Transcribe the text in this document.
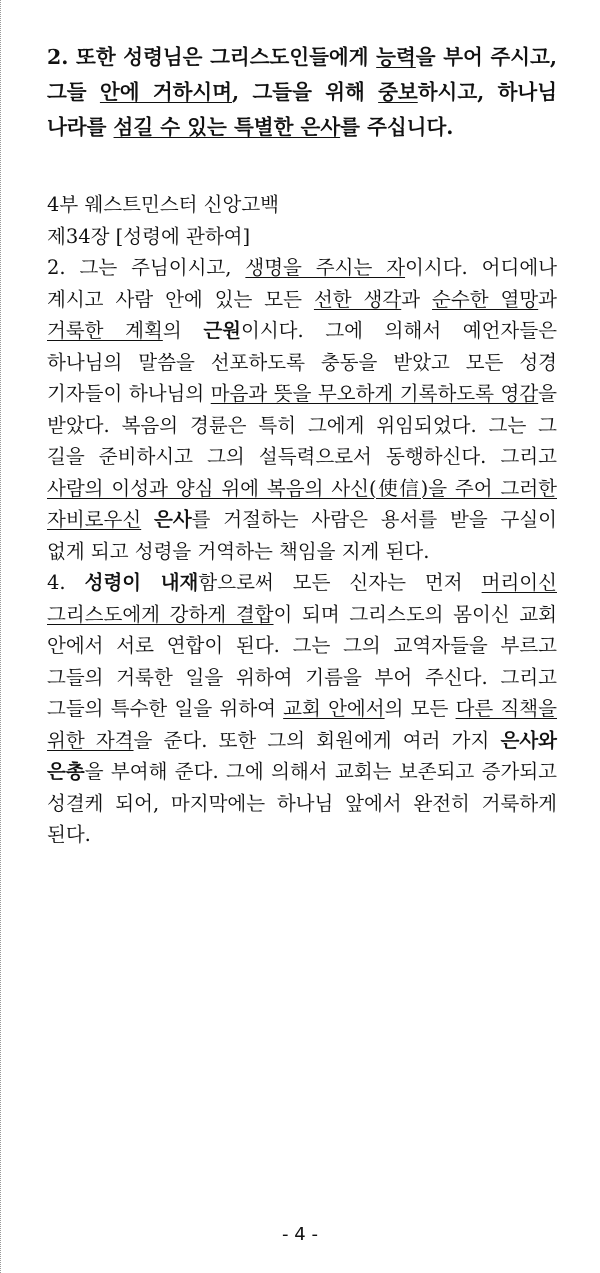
2. 또한 성령님은 그리스도인들에게 능력을 부어 주시고, 그들 안에 거하시며, 그들을 위해 중보하시고, 하나님 나라를 섬길 수 있는 특별한 은사를 주십니다.

4부 웨스트민스터 신앙고백
제34장 [성령에 관하여]

2. 그는 주님이시고, 생명을 주시는 자이시다. 어디에나 계시고 사람 안에 있는 모든 선한 생각과 순수한 열망과 거룩한 계획의 근원이시다. 그에 의해서 예언자들은 하나님의 말씀을 선포하도록 충동을 받았고 모든 성경 기자들이 하나님의 마음과 뜻을 무오하게 기록하도록 영감을 받았다. 복음의 경륜은 특히 그에게 위임되었다. 그는 그 길을 준비하시고 그의 설득력으로서 동행하신다. 그리고 사람의 이성과 양심 위에 복음의 사신(使信)을 주어 그러한 자비로우신 은사를 거절하는 사람은 용서를 받을 구실이 없게 되고 성령을 거역하는 책임을 지게 된다.

4. 성령이 내재함으로써 모든 신자는 먼저 머리이신 그리스도에게 강하게 결합이 되며 그리스도의 몸이신 교회 안에서 서로 연합이 된다. 그는 그의 교역자들을 부르고 그들의 거룩한 일을 위하여 기름을 부어 주신다. 그리고 그들의 특수한 일을 위하여 교회 안에서의 모든 다른 직책을 위한 자격을 준다. 또한 그의 회원에게 여러 가지 은사와 은총을 부여해 준다. 그에 의해서 교회는 보존되고 증가되고 성결케 되어, 마지막에는 하나님 앞에서 완전히 거룩하게 된다.

- 4 -
